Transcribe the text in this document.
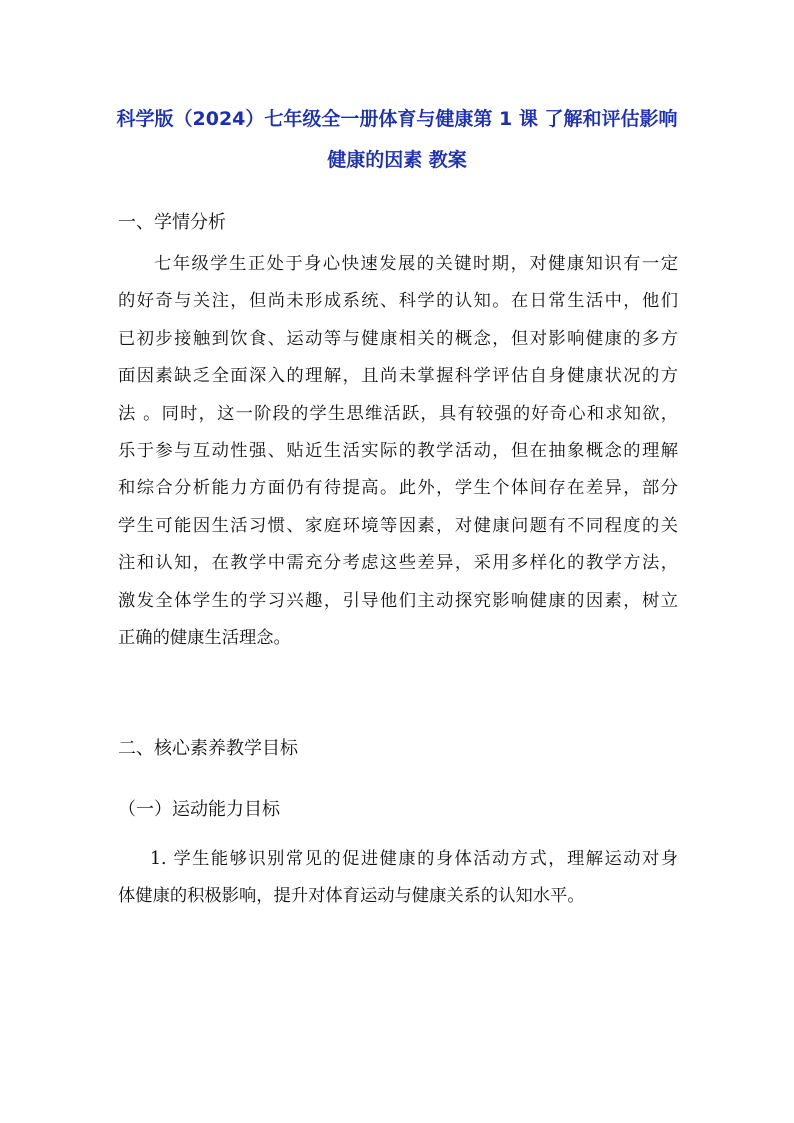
科学版（2024）七年级全一册体育与健康第 1 课 了解和评估影响
健康的因素 教案
一、学情分析
七年级学生正处于身心快速发展的关键时期，对健康知识有一定
的好奇与关注，但尚未形成系统、科学的认知。在日常生活中，他们
已初步接触到饮食、运动等与健康相关的概念，但对影响健康的多方
面因素缺乏全面深入的理解，且尚未掌握科学评估自身健康状况的方
法 。同时，这一阶段的学生思维活跃，具有较强的好奇心和求知欲，
乐于参与互动性强、贴近生活实际的教学活动，但在抽象概念的理解
和综合分析能力方面仍有待提高。此外，学生个体间存在差异，部分
学生可能因生活习惯、家庭环境等因素，对健康问题有不同程度的关
注和认知，在教学中需充分考虑这些差异，采用多样化的教学方法，
激发全体学生的学习兴趣，引导他们主动探究影响健康的因素，树立
正确的健康生活理念。
二、核心素养教学目标
（一）运动能力目标
1. 学生能够识别常见的促进健康的身体活动方式，理解运动对身
体健康的积极影响，提升对体育运动与健康关系的认知水平。
